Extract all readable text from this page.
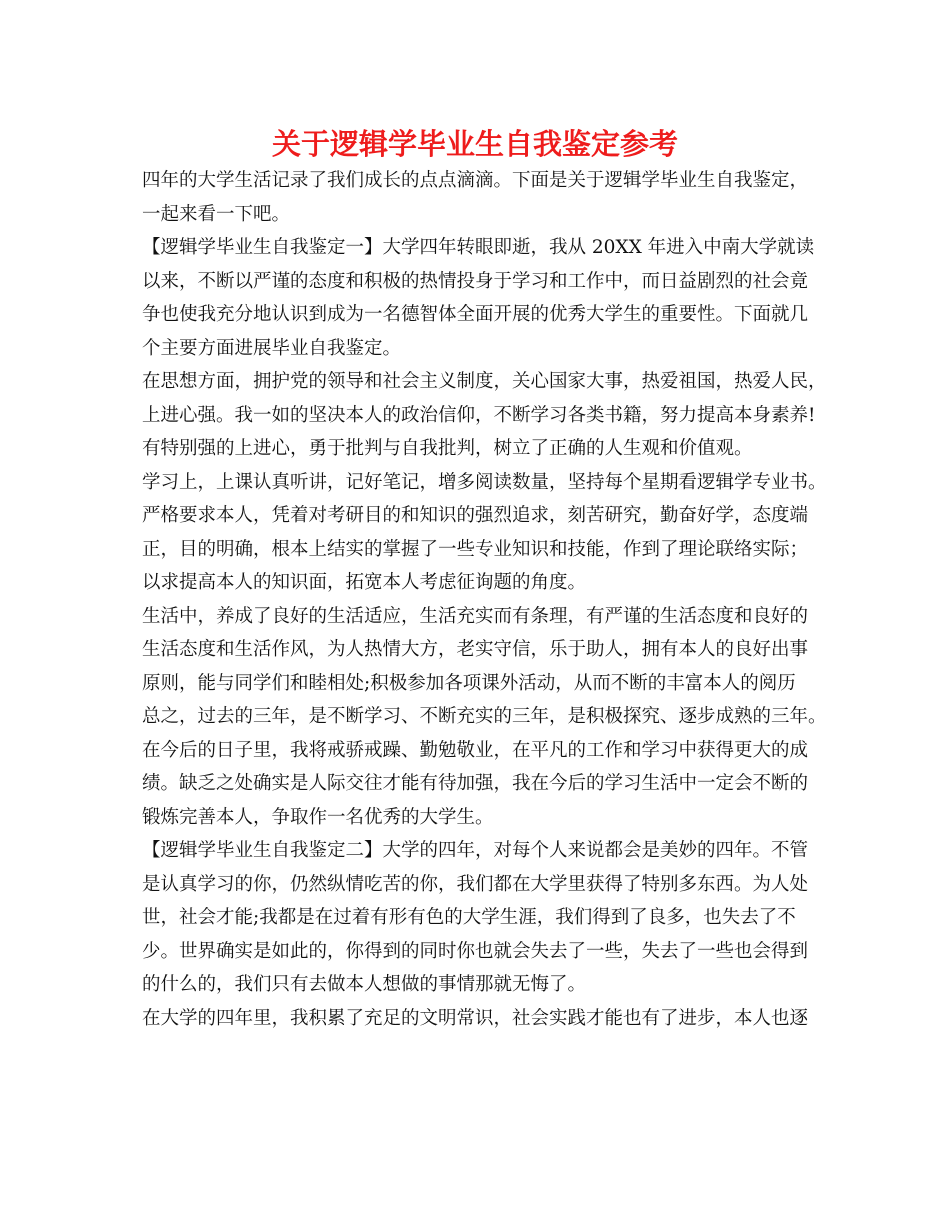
关于逻辑学毕业生自我鉴定参考
四年的大学生活记录了我们成长的点点滴滴。下面是关于逻辑学毕业生自我鉴定，
一起来看一下吧。
【逻辑学毕业生自我鉴定一】大学四年转眼即逝，我从 20XX 年进入中南大学就读
以来，不断以严谨的态度和积极的热情投身于学习和工作中，而日益剧烈的社会竟
争也使我充分地认识到成为一名德智体全面开展的优秀大学生的重要性。下面就几
个主要方面进展毕业自我鉴定。
在思想方面，拥护党的领导和社会主义制度，关心国家大事，热爱祖国，热爱人民，
上进心强。我一如的坚决本人的政治信仰，不断学习各类书籍，努力提高本身素养!
有特别强的上进心，勇于批判与自我批判，树立了正确的人生观和价值观。
学习上，上课认真听讲，记好笔记，增多阅读数量，坚持每个星期看逻辑学专业书。
严格要求本人，凭着对考研目的和知识的强烈追求，刻苦研究，勤奋好学，态度端
正，目的明确，根本上结实的掌握了一些专业知识和技能，作到了理论联络实际；
以求提高本人的知识面，拓宽本人考虑征询题的角度。
生活中，养成了良好的生活适应，生活充实而有条理，有严谨的生活态度和良好的
生活态度和生活作风，为人热情大方，老实守信，乐于助人，拥有本人的良好出事
原则，能与同学们和睦相处;积极参加各项课外活动，从而不断的丰富本人的阅历
总之，过去的三年，是不断学习、不断充实的三年，是积极探究、逐步成熟的三年。
在今后的日子里，我将戒骄戒躁、勤勉敬业，在平凡的工作和学习中获得更大的成
绩。缺乏之处确实是人际交往才能有待加强，我在今后的学习生活中一定会不断的
锻炼完善本人，争取作一名优秀的大学生。
【逻辑学毕业生自我鉴定二】大学的四年，对每个人来说都会是美妙的四年。不管
是认真学习的你，仍然纵情吃苦的你，我们都在大学里获得了特别多东西。为人处
世，社会才能;我都是在过着有形有色的大学生涯，我们得到了良多，也失去了不
少。世界确实是如此的，你得到的同时你也就会失去了一些，失去了一些也会得到
的什么的，我们只有去做本人想做的事情那就无悔了。
在大学的四年里，我积累了充足的文明常识，社会实践才能也有了进步，本人也逐
